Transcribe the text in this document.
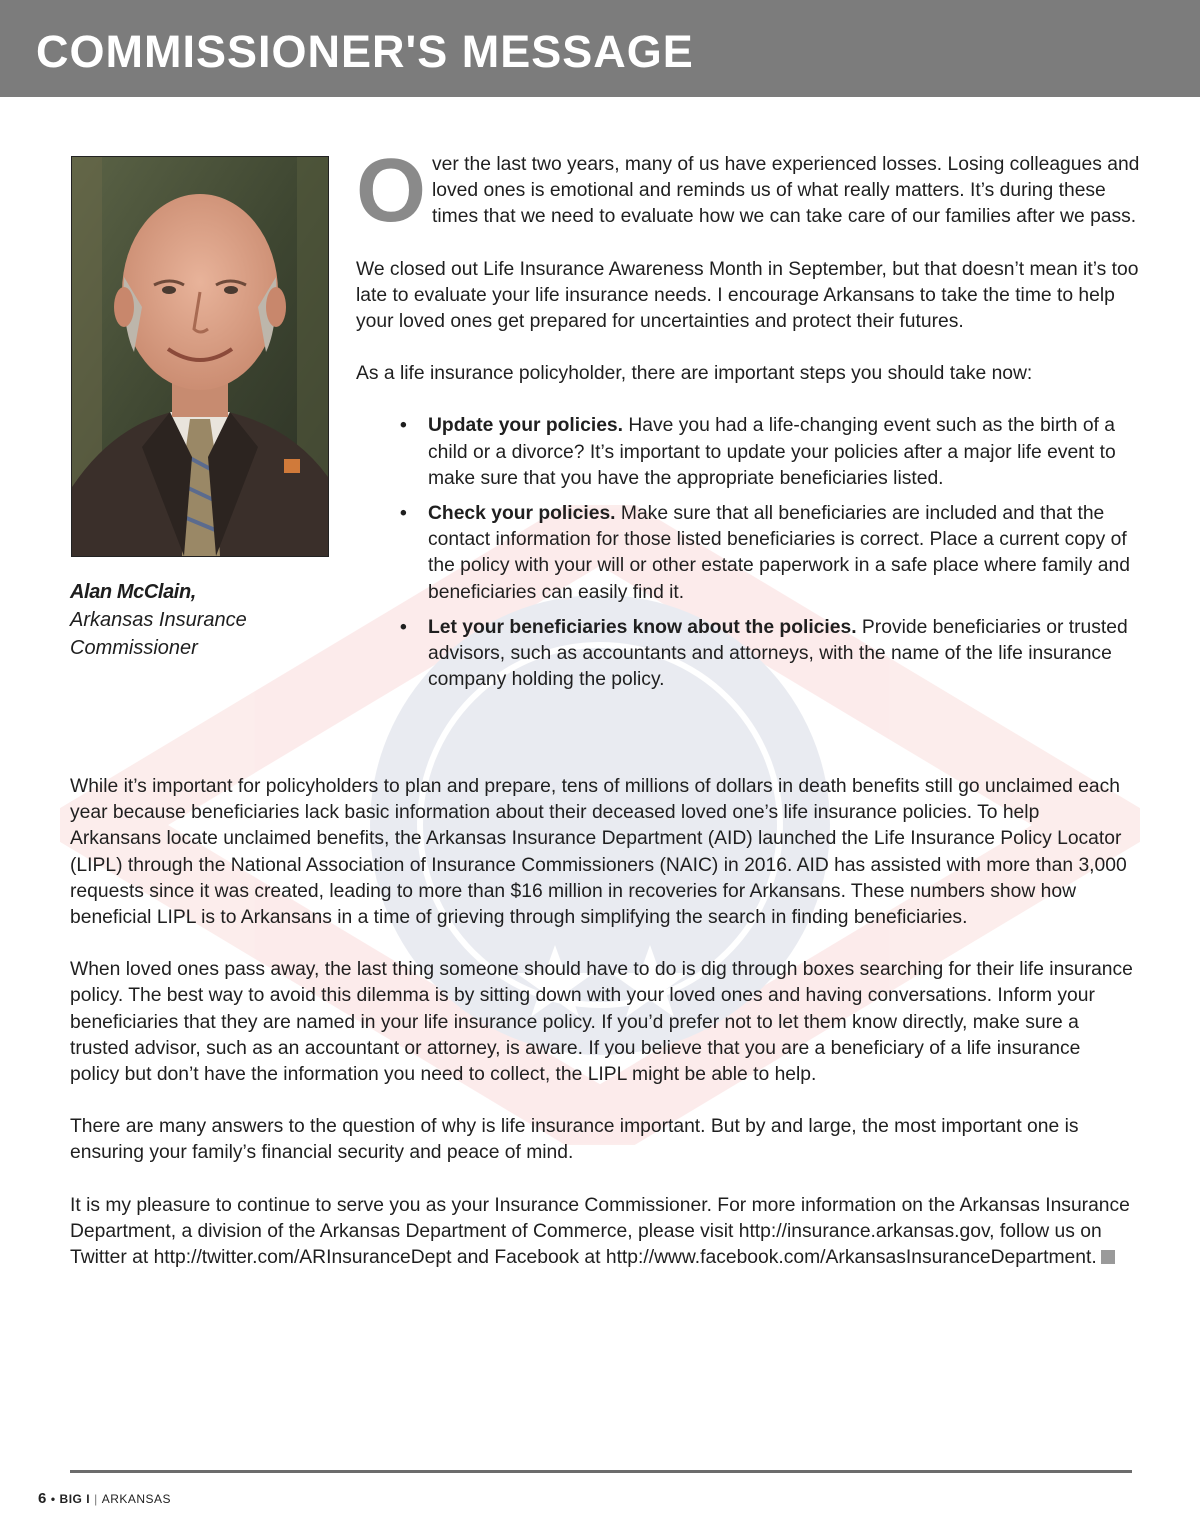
COMMISSIONER'S MESSAGE
Alan McClain,
Arkansas Insurance
Commissioner

Over the last two years, many of us have experienced losses. Losing colleagues and loved ones is emotional and reminds us of what really matters. It’s during these times that we need to evaluate how we can take care of our families after we pass.

We closed out Life Insurance Awareness Month in September, but that doesn’t mean it’s too late to evaluate your life insurance needs. I encourage Arkansans to take the time to help your loved ones get prepared for uncertainties and protect their futures.

As a life insurance policyholder, there are important steps you should take now:

• Update your policies. Have you had a life-changing event such as the birth of a child or a divorce? It’s important to update your policies after a major life event to make sure that you have the appropriate beneficiaries listed.
• Check your policies. Make sure that all beneficiaries are included and that the contact information for those listed beneficiaries is correct. Place a current copy of the policy with your will or other estate paperwork in a safe place where family and beneficiaries can easily find it.
• Let your beneficiaries know about the policies. Provide beneficiaries or trusted advisors, such as accountants and attorneys, with the name of the life insurance company holding the policy.

While it’s important for policyholders to plan and prepare, tens of millions of dollars in death benefits still go unclaimed each year because beneficiaries lack basic information about their deceased loved one’s life insurance policies. To help Arkansans locate unclaimed benefits, the Arkansas Insurance Department (AID) launched the Life Insurance Policy Locator (LIPL) through the National Association of Insurance Commissioners (NAIC) in 2016. AID has assisted with more than 3,000 requests since it was created, leading to more than $16 million in recoveries for Arkansans. These numbers show how beneficial LIPL is to Arkansans in a time of grieving through simplifying the search in finding beneficiaries.

When loved ones pass away, the last thing someone should have to do is dig through boxes searching for their life insurance policy. The best way to avoid this dilemma is by sitting down with your loved ones and having conversations. Inform your beneficiaries that they are named in your life insurance policy. If you’d prefer not to let them know directly, make sure a trusted advisor, such as an accountant or attorney, is aware. If you believe that you are a beneficiary of a life insurance policy but don’t have the information you need to collect, the LIPL might be able to help.

There are many answers to the question of why is life insurance important. But by and large, the most important one is ensuring your family’s financial security and peace of mind.

It is my pleasure to continue to serve you as your Insurance Commissioner. For more information on the Arkansas Insurance Department, a division of the Arkansas Department of Commerce, please visit http://insurance.arkansas.gov, follow us on Twitter at http://twitter.com/ARInsuranceDept and Facebook at http://www.facebook.com/ArkansasInsuranceDepartment.

6 • BIG I | ARKANSAS
